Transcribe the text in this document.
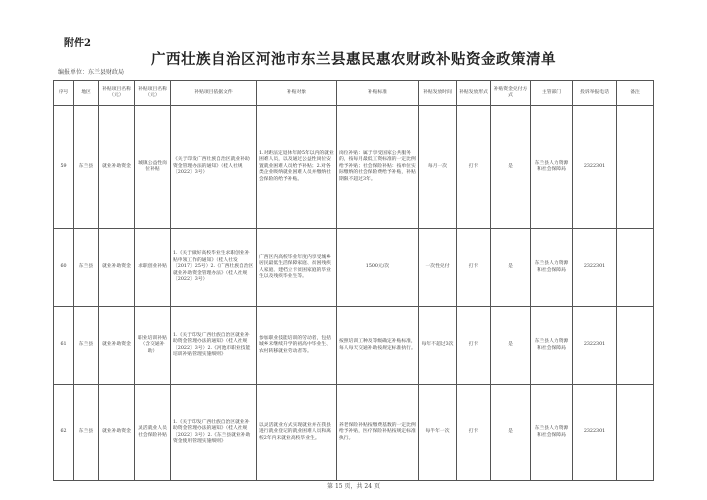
附件2
广西壮族自治区河池市东兰县惠民惠农财政补贴资金政策清单
编报单位：东兰县财政局
序号	地区	补贴项目名称（元）	补贴项目名称（元）	补贴项目依据文件	补贴对象	补贴标准	补贴发放时间	补贴发放形式	补贴资金兑付方式	主管部门	投诉举报电话	备注
59	东兰县	就业补助资金	城镇公益性岗位补贴	《关于印发广西壮族自治区就业补助资金管理办法的通知》（桂人社规〔2022〕3号）	1.对距法定退休年龄5年以内的就业困难人员，以及通过公益性岗位安置就业困难人员给予补贴；2.对各类企业吸纳就业困难人员并缴纳社会保险的给予补贴。	岗位补贴：属于享受国家公共服务的，按每月最低工资标准的一定比例给予补贴；社会保险补贴：按单位实际缴纳的社会保险费给予补贴，补贴期限不超过3年。	每月一次	打卡	是	东兰县人力资源和社会保障局	2322301	
60	东兰县	就业补助资金	求职创业补贴	1.《关于做好高校毕业生求职创业补贴申领工作的通知》（桂人社发〔2017〕25号）2.《广西壮族自治区就业补助资金管理办法》（桂人社规〔2022〕3号）	广西区内高校毕业年度内享受城乡居民最低生活保障家庭、贫困残疾人家庭、建档立卡贫困家庭的毕业生以及残疾毕业生等。	1500元/次	一次性兑付	打卡	是	东兰县人力资源和社会保障局	2322301	
61	东兰县	就业补助资金	职业培训补贴（含交通补助）	1.《关于印发广西壮族自治区就业补助资金管理办法的通知》（桂人社规〔2022〕3号）2.《河池市职业技能培训补贴管理实施细则》	参加职业技能培训的劳动者，包括城乡未继续升学的初高中毕业生、农村转移就业劳动者等。	按照培训工种及等级确定补贴标准，每人每天交通补助按规定标准执行。	每年不超过3次	打卡	是	东兰县人力资源和社会保障局	2322301	
62	东兰县	就业补助资金	灵活就业人员社会保险补贴	1.《关于印发广西壮族自治区就业补助资金管理办法的通知》（桂人社规〔2022〕3号）2.《东兰县就业补助资金使用管理实施细则》	以灵活就业方式实现就业并在我县进行就业登记的就业困难人员和离校2年内未就业高校毕业生。	养老保险补贴按缴费基数的一定比例给予补贴，医疗保险补贴按规定标准执行。	每半年一次	打卡	是	东兰县人力资源和社会保障局	2322301	
第 15 页，共 24 页
